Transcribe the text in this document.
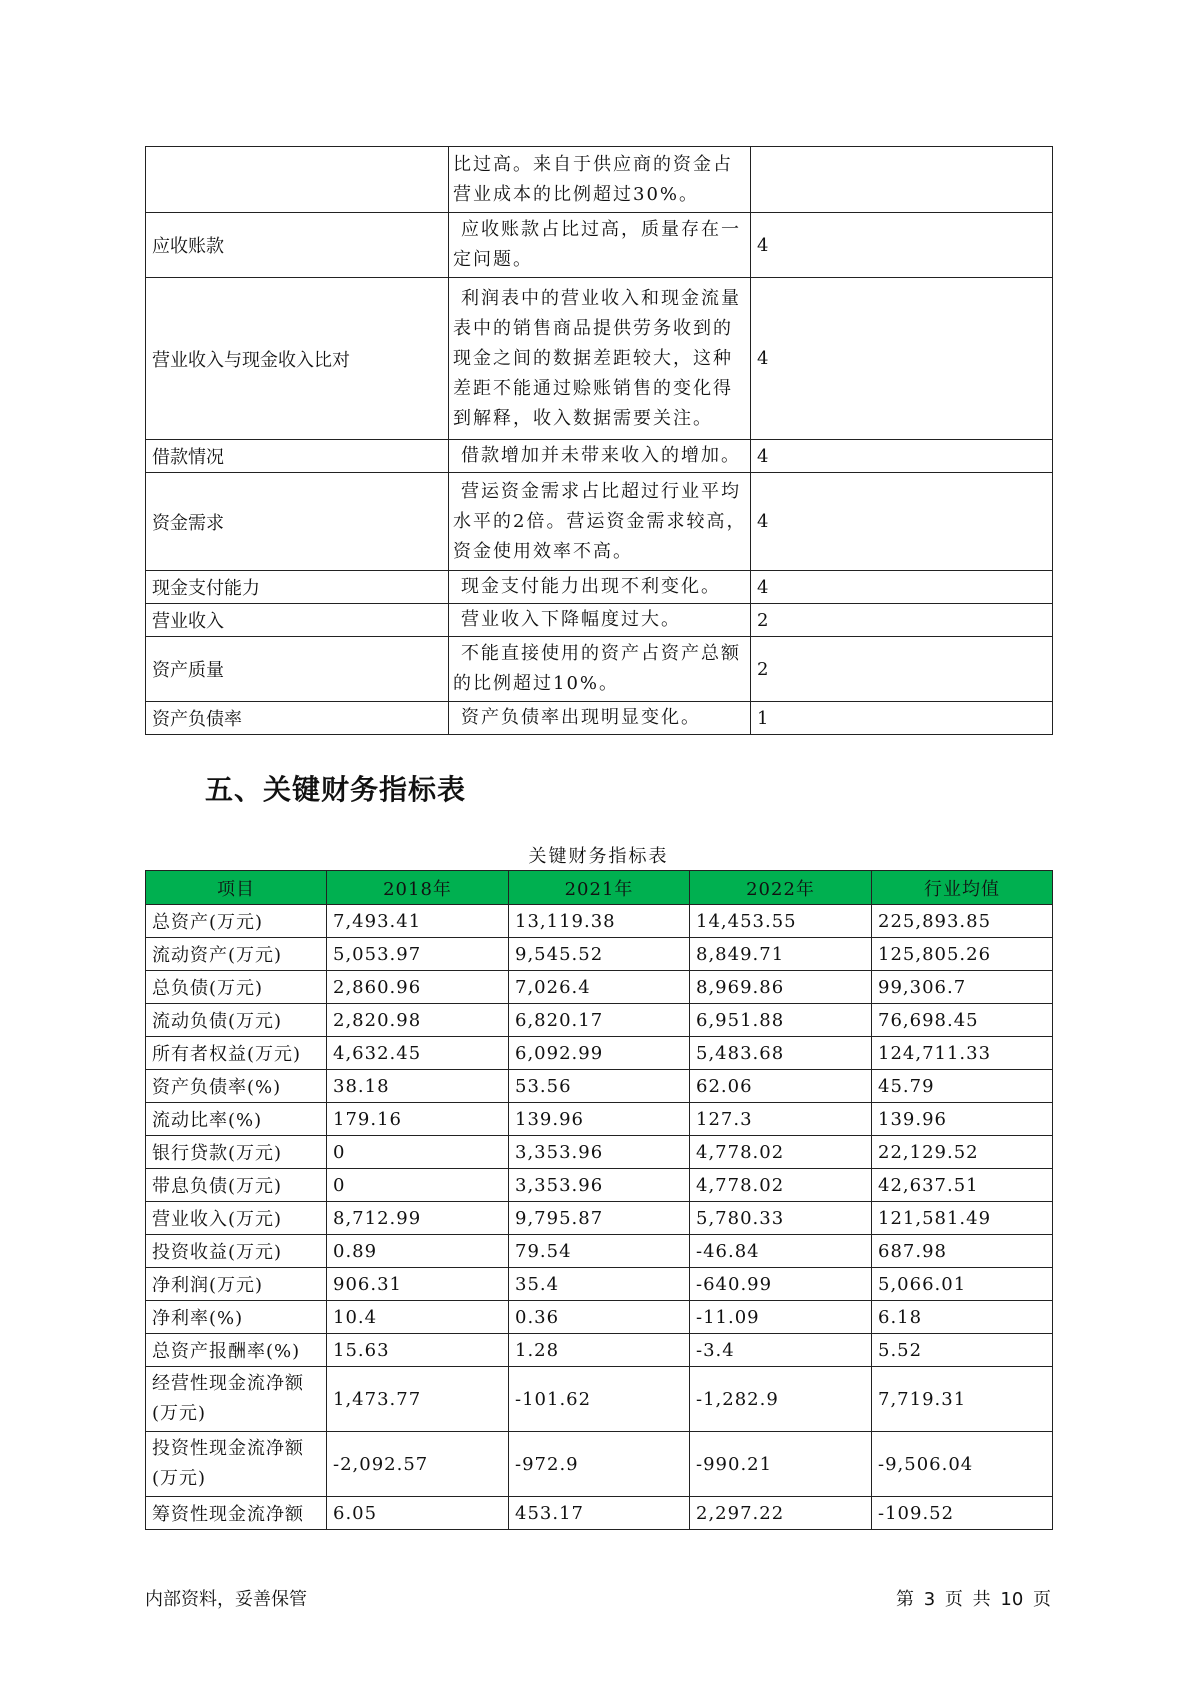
	比过高。来自于供应商的资金占营业成本的比例超过30%。	
应收账款	应收账款占比过高，质量存在一定问题。	4
营业收入与现金收入比对	利润表中的营业收入和现金流量表中的销售商品提供劳务收到的现金之间的数据差距较大，这种差距不能通过赊账销售的变化得到解释，收入数据需要关注。	4
借款情况	借款增加并未带来收入的增加。	4
资金需求	营运资金需求占比超过行业平均水平的2倍。营运资金需求较高，资金使用效率不高。	4
现金支付能力	现金支付能力出现不利变化。	4
营业收入	营业收入下降幅度过大。	2
资产质量	不能直接使用的资产占资产总额的比例超过10%。	2
资产负债率	资产负债率出现明显变化。	1
五、关键财务指标表
关键财务指标表
项目	2018年	2021年	2022年	行业均值
总资产(万元)	7,493.41	13,119.38	14,453.55	225,893.85
流动资产(万元)	5,053.97	9,545.52	8,849.71	125,805.26
总负债(万元)	2,860.96	7,026.4	8,969.86	99,306.7
流动负债(万元)	2,820.98	6,820.17	6,951.88	76,698.45
所有者权益(万元)	4,632.45	6,092.99	5,483.68	124,711.33
资产负债率(%)	38.18	53.56	62.06	45.79
流动比率(%)	179.16	139.96	127.3	139.96
银行贷款(万元)	0	3,353.96	4,778.02	22,129.52
带息负债(万元)	0	3,353.96	4,778.02	42,637.51
营业收入(万元)	8,712.99	9,795.87	5,780.33	121,581.49
投资收益(万元)	0.89	79.54	-46.84	687.98
净利润(万元)	906.31	35.4	-640.99	5,066.01
净利率(%)	10.4	0.36	-11.09	6.18
总资产报酬率(%)	15.63	1.28	-3.4	5.52
经营性现金流净额(万元)	1,473.77	-101.62	-1,282.9	7,719.31
投资性现金流净额(万元)	-2,092.57	-972.9	-990.21	-9,506.04
筹资性现金流净额	6.05	453.17	2,297.22	-109.52
内部资料，妥善保管	第 3 页 共 10 页
